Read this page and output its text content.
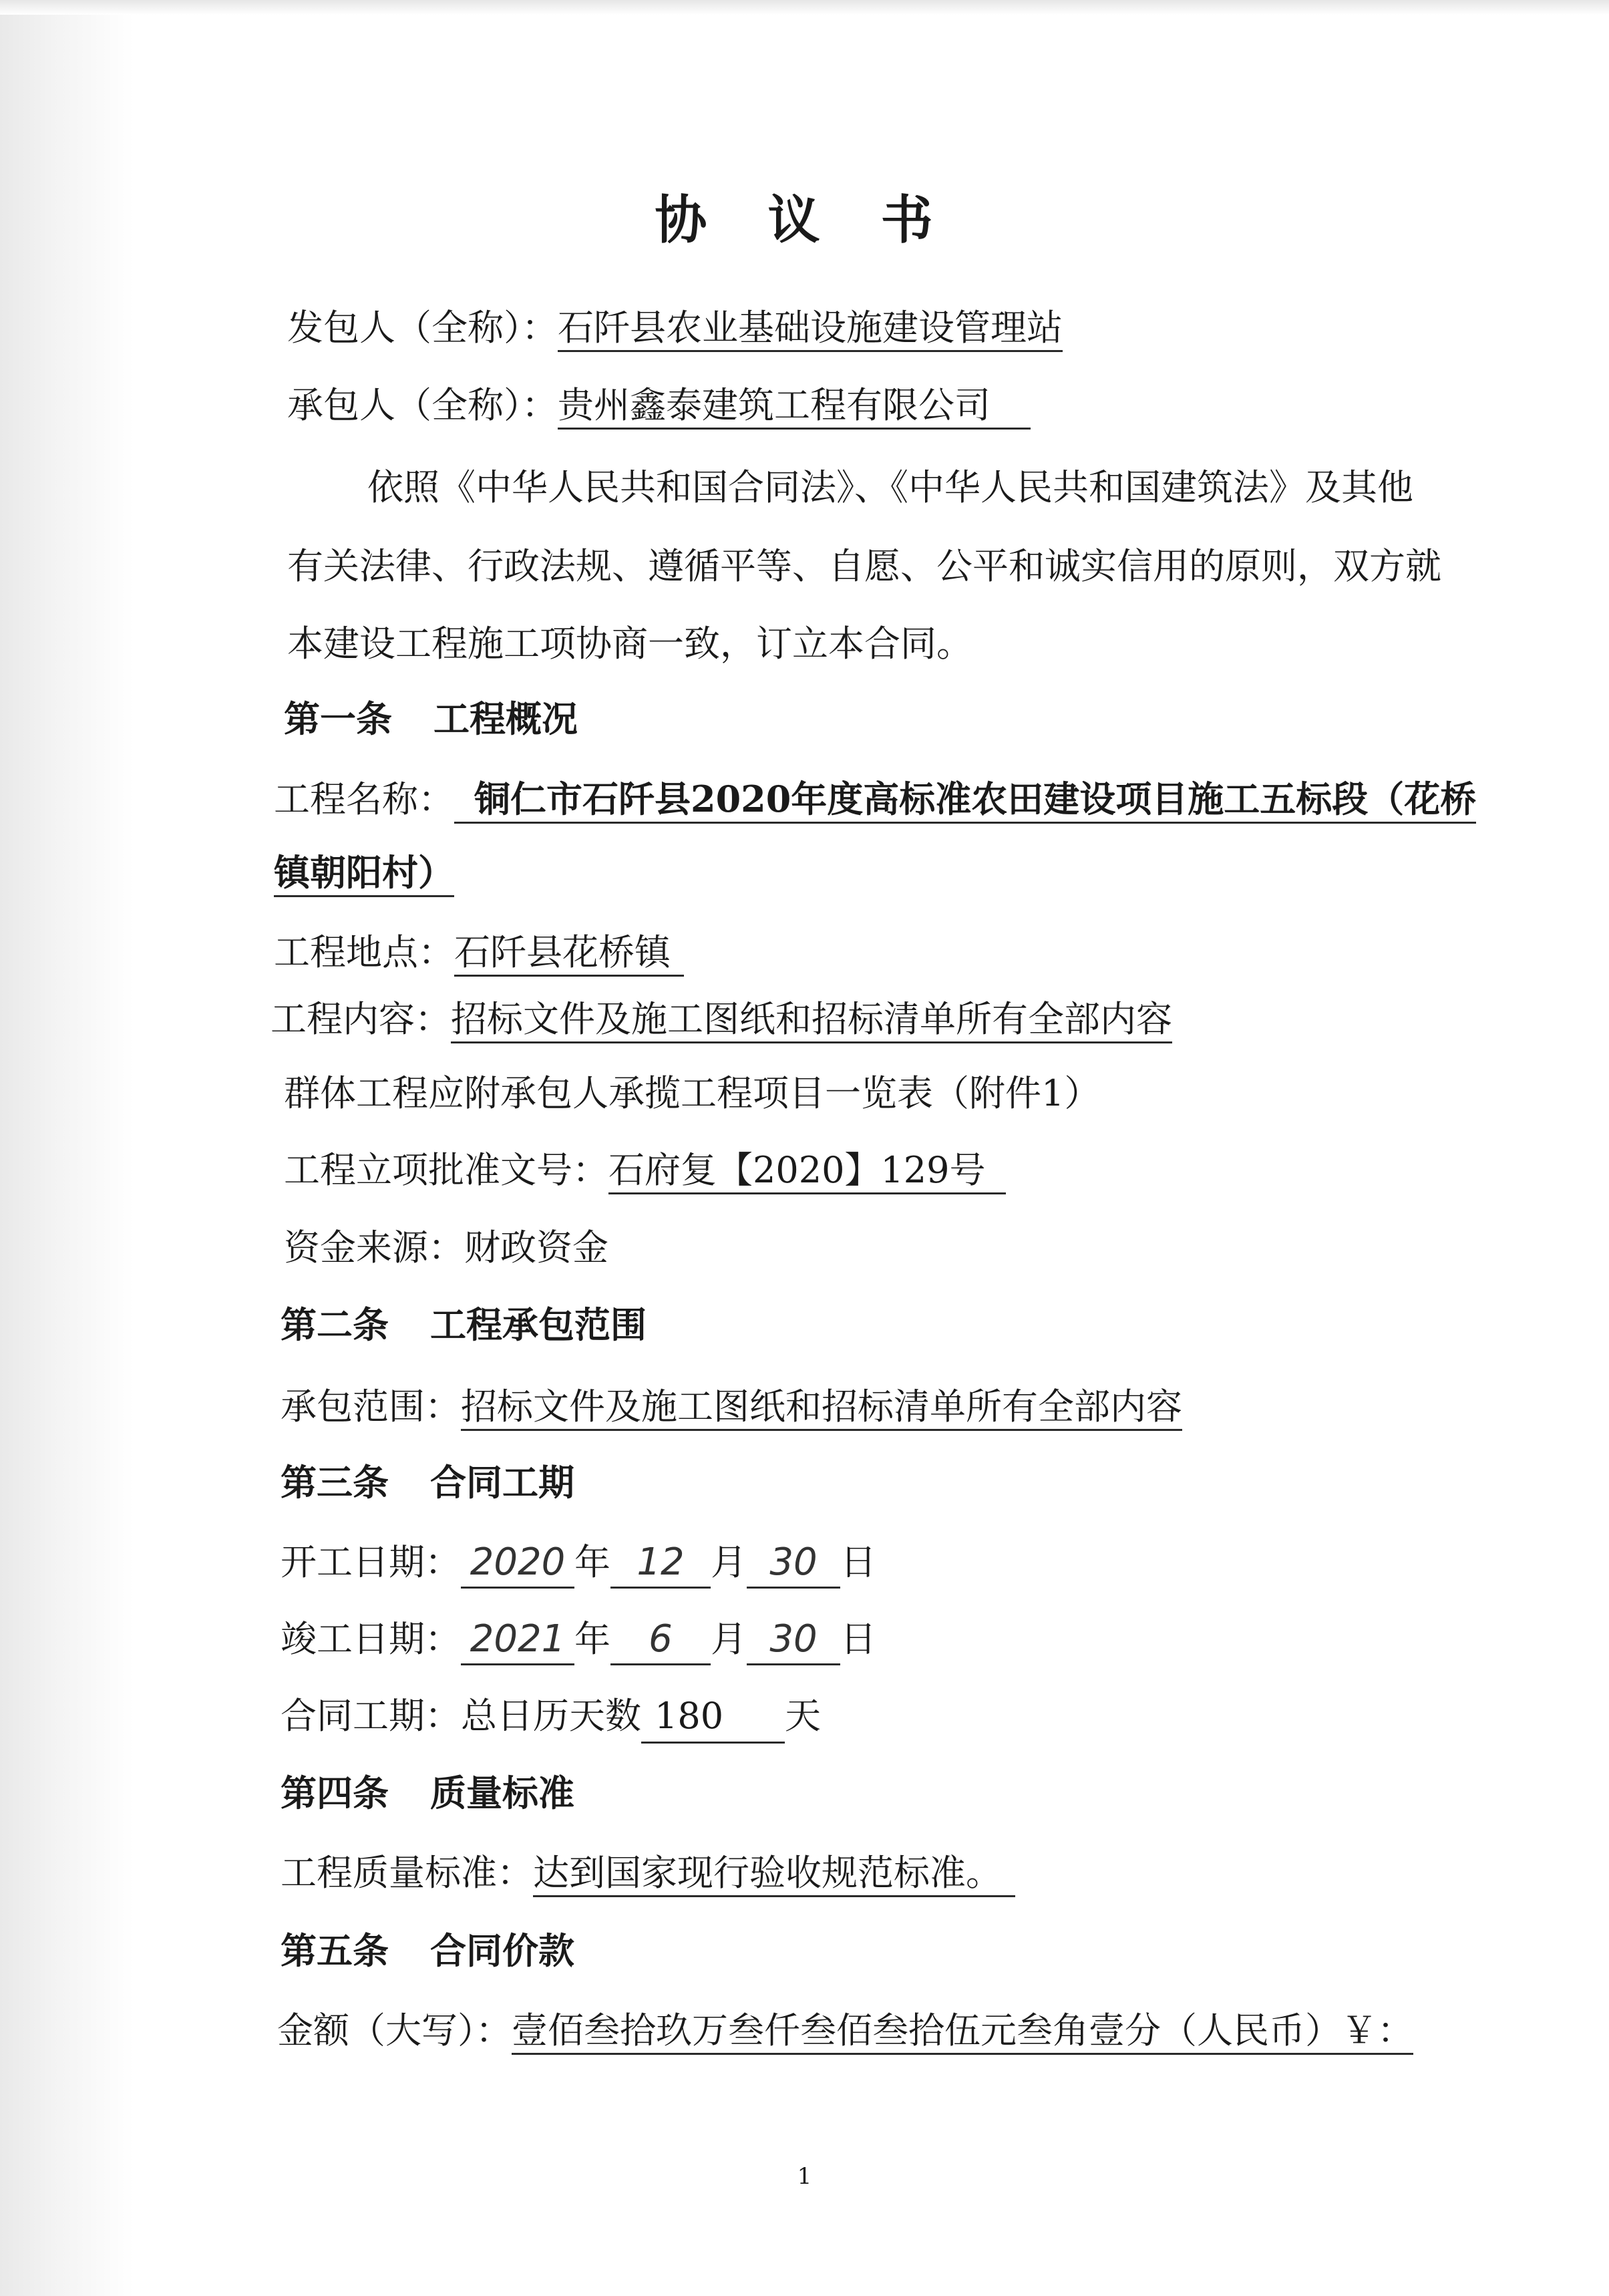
协 议 书
发包人（全称）：石阡县农业基础设施建设管理站
承包人（全称）：贵州鑫泰建筑工程有限公司
依照《中华人民共和国合同法》、《中华人民共和国建筑法》及其他
有关法律、行政法规、遵循平等、自愿、公平和诚实信用的原则，双方就
本建设工程施工项协商一致，订立本合同。
第一条 工程概况
工程名称： 铜仁市石阡县2020年度高标准农田建设项目施工五标段（花桥
镇朝阳村）
工程地点：石阡县花桥镇
工程内容：招标文件及施工图纸和招标清单所有全部内容
群体工程应附承包人承揽工程项目一览表（附件1）
工程立项批准文号：石府复【2020】129号
资金来源：财政资金
第二条 工程承包范围
承包范围：招标文件及施工图纸和招标清单所有全部内容
第三条 合同工期
开工日期： 2020 年 12 月 30 日
竣工日期： 2021 年 6 月 30 日
合同工期：总日历天数 180 天
第四条 质量标准
工程质量标准：达到国家现行验收规范标准。
第五条 合同价款
金额（大写）：壹佰叁拾玖万叁仟叁佰叁拾伍元叁角壹分（人民币）￥：
1
